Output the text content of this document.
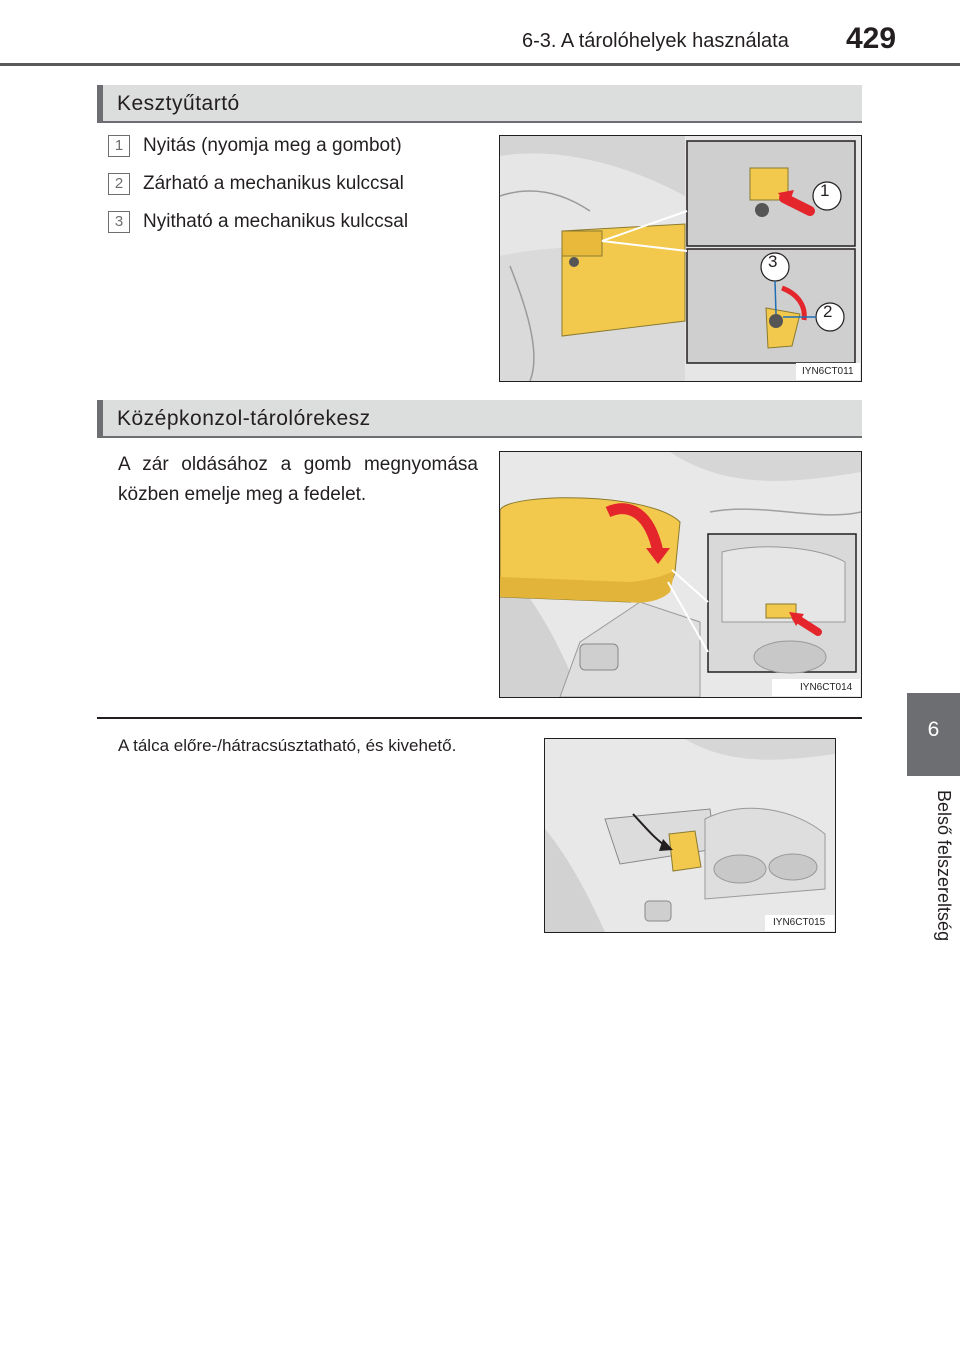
6-3. A tárolóhelyek használata 429
6
Belső felszereltség
Kesztyűtartó
1	Nyitás (nyomja meg a gombot)
2	Zárható a mechanikus kulccsal
3	Nyitható a mechanikus kulccsal
1
3
2
IYN6CT011
Középkonzol-tárolórekesz
A zár oldásához a gomb megnyomása közben emelje meg a fedelet.
IYN6CT014
A tálca előre-/hátracsúsztatható, és kivehető.
IYN6CT015
